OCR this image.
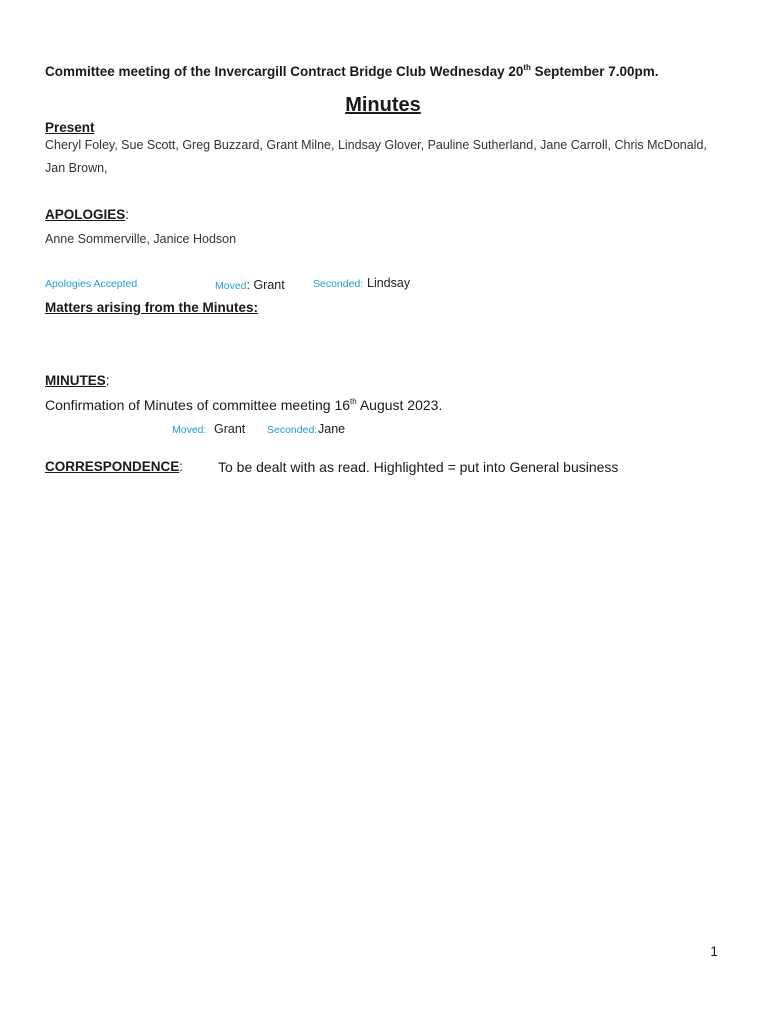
Committee meeting of the Invercargill Contract Bridge Club Wednesday 20th September 7.00pm.
Minutes
Present
Cheryl Foley, Sue Scott, Greg Buzzard, Grant Milne, Lindsay Glover, Pauline Sutherland, Jane Carroll, Chris McDonald,
Jan Brown,
APOLOGIES:
Anne Sommerville, Janice Hodson
Apologies Accepted	Moved: Grant	Seconded: Lindsay
Matters arising from the Minutes:
MINUTES:
Confirmation of Minutes of committee meeting 16th August 2023.
Moved: Grant Seconded: Jane
CORRESPONDENCE: To be dealt with as read. Highlighted = put into General business
1
